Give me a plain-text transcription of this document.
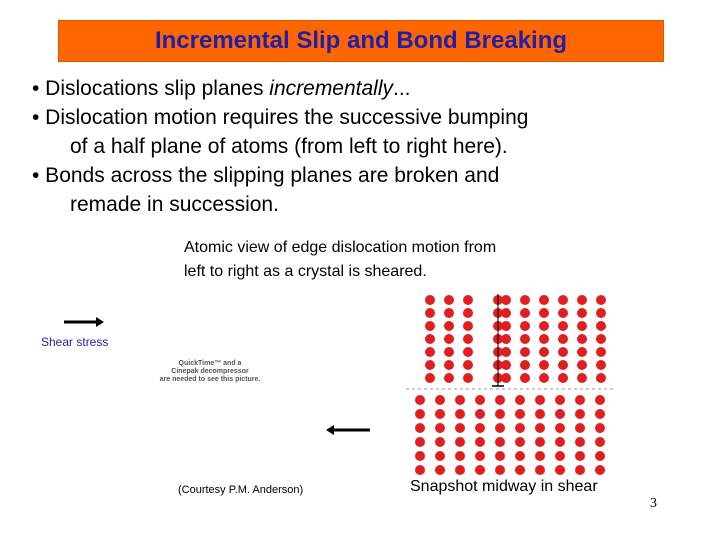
Incremental Slip and Bond Breaking
• Dislocations slip planes incrementally...
• Dislocation motion requires the successive bumping
of a half plane of atoms (from left to right here).
• Bonds across the slipping planes are broken and
remade in succession.
Atomic view of edge dislocation motion from
left to right as a crystal is sheared.
Shear stress
QuickTime™ and a
Cinepak decompressor
are needed to see this picture.
(Courtesy P.M. Anderson)	Snapshot midway in shear
3
